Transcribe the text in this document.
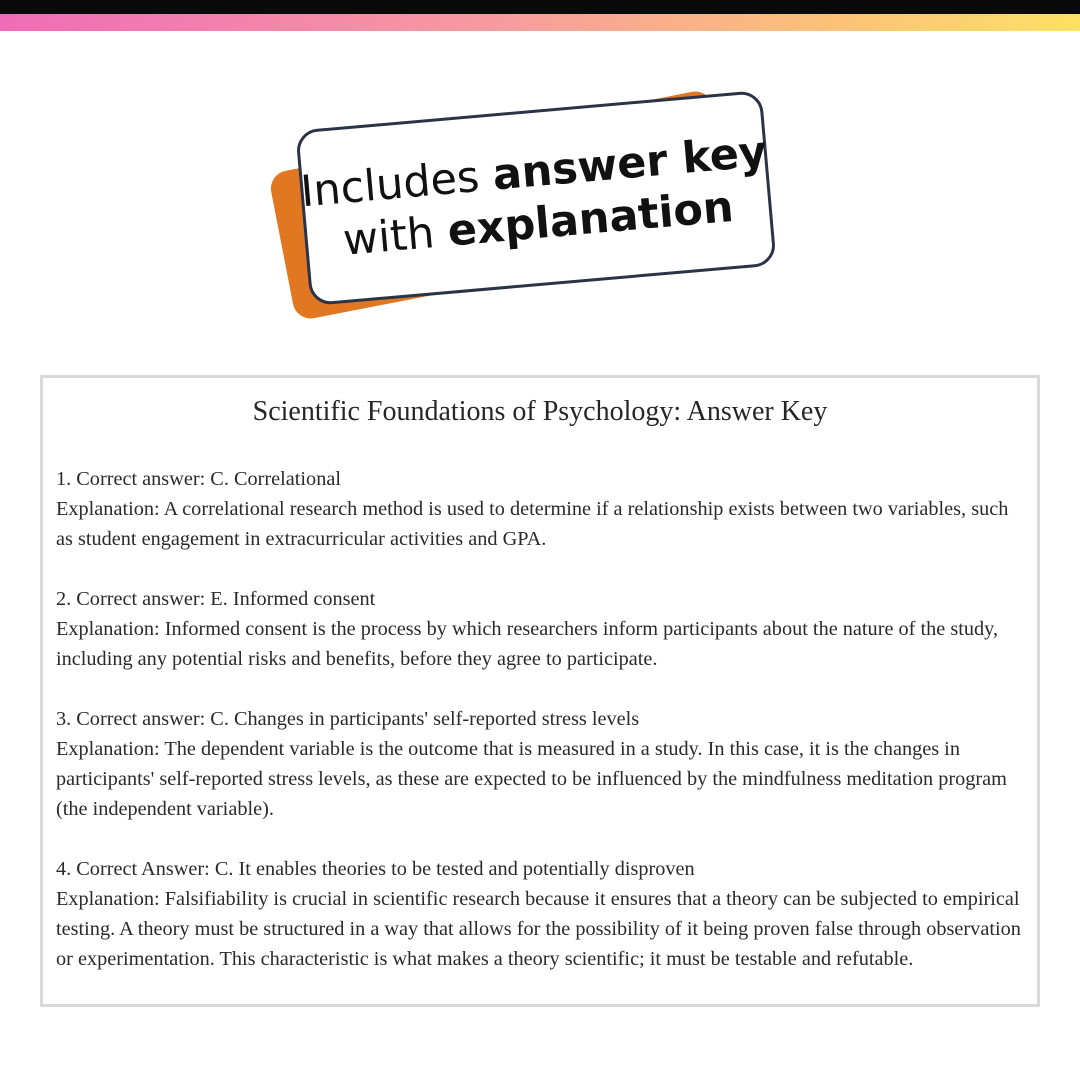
Includes answer key
with explanation
Scientific Foundations of Psychology: Answer Key

1. Correct answer: C. Correlational

Explanation: A correlational research method is used to determine if a relationship exists between two variables, such as student engagement in extracurricular activities and GPA.

2. Correct answer: E. Informed consent

Explanation: Informed consent is the process by which researchers inform participants about the nature of the study, including any potential risks and benefits, before they agree to participate.

3. Correct answer: C. Changes in participants' self-reported stress levels

Explanation: The dependent variable is the outcome that is measured in a study. In this case, it is the changes in participants' self-reported stress levels, as these are expected to be influenced by the mindfulness meditation program (the independent variable).

4. Correct Answer: C. It enables theories to be tested and potentially disproven

Explanation: Falsifiability is crucial in scientific research because it ensures that a theory can be subjected to empirical testing. A theory must be structured in a way that allows for the possibility of it being proven false through observation or experimentation. This characteristic is what makes a theory scientific; it must be testable and refutable.
